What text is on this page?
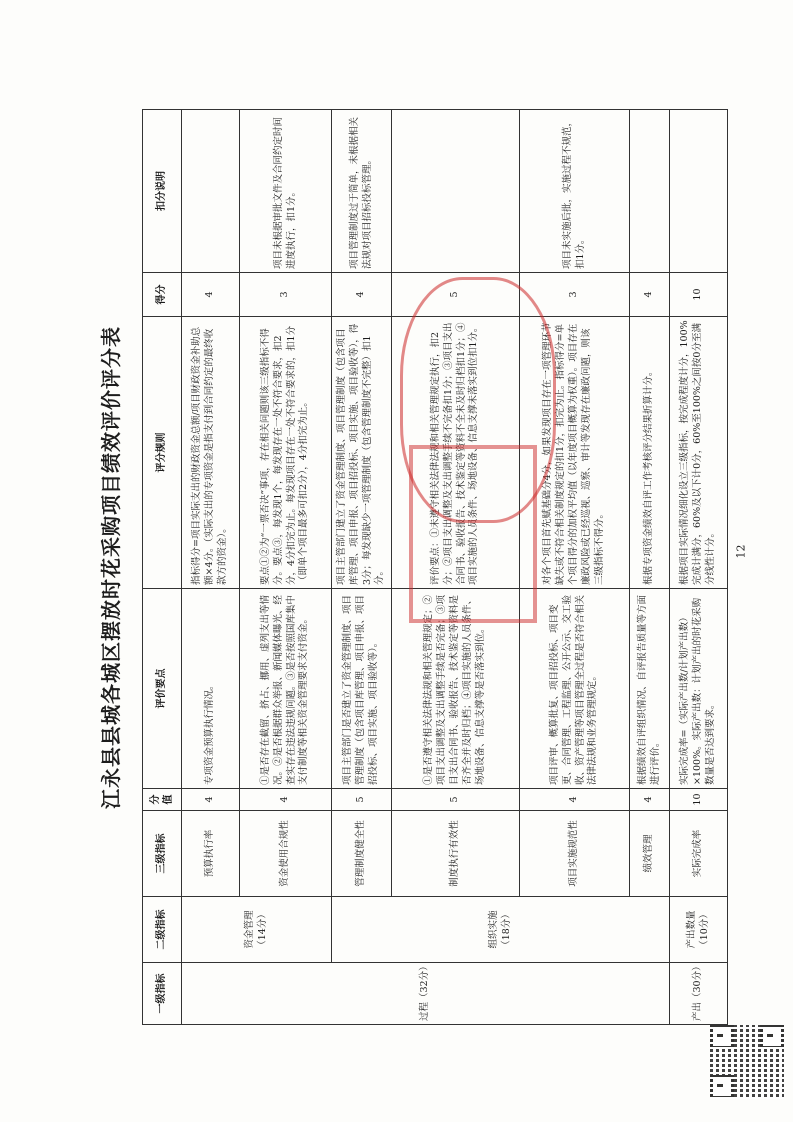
江永县县城各城区摆放时花采购项目绩效评价评分表
一级指标	二级指标	三级指标	分值	评价要点	评分规则	得分	扣分说明
过程（32分）	资金管理（14分）	预算执行率	4	专项资金预算执行情况。	指标得分=项目实际支出的财政资金总额/项目财政资金补助总额×4分。（实际支出的专项资金是指支付到合同约定的最终收款方的资金）。	4	
		资金使用合规性	4	①是否存在截留、挤占、挪用、虚列支出等情况。②是否根据群众举报、新闻媒体曝光、经查实存在违法违规问题。③是否按照国库集中支付制度等相关资金管理要求支付资金。	要点①②为“一票否决”事项，存在相关问题则该三级指标不得分。要点③，每发现1个，每发现存在一处不符合要求，扣2分，4分扣完为止。每发现项目存在一处不符合要求的，扣1分（即单个项目最多可扣2分），4分扣完为止。	3	项目未根据审批文件及合同约定时间进度执行，扣1分。
	组织实施（18分）	管理制度健全性	5	项目主管部门是否建立了资金管理制度、项目管理制度（包含项目库管理、项目申报、项目招投标、项目实施、项目验收等）。	项目主管部门建立了资金管理制度、项目管理制度（包含项目库管理、项目申报、项目招投标、项目实施、项目验收等），得3分；每发现缺少一项管理制度（包含管理制度不完整）扣1分。	4	项目管理制度过于简单，未根据相关法规对项目招标投标管理。
		制度执行有效性	5	①是否遵守相关法律法规和相关管理规定；②项目支出调整及支出调整手续是否完备；③项目支出合同书、验收报告、技术鉴定等资料是否齐全并及时归档；④项目实施的人员条件、场地设备、信息支撑等是否落实到位。	评价要点：①未遵守相关法律法规和相关管理规定执行，扣2分；②项目支出调整及支出调整手续不完备扣1分；③项目支出合同书、验收报告、技术鉴定等资料不全未及时归档扣1分；④项目实施的人员条件、场地设备、信息支撑未落实到位扣1分。	5	
		项目实施规范性	4	项目评审、概算批复、项目招投标、项目变更、合同管理、工程监理、公开公示、交工验收、资产管理等项目管理全过程是否符合相关法律法规和业务管理规定。	对各个项目首先赋基础分4分，如果发现项目存在一项管理环节缺失或不符合相关制度规定的扣1分，扣完为止。指标得分=单个项目得分的加权平均值（以年度项目概算为权重）。项目存在廉政风险或已经巡视、巡察、审计等发现存在廉政问题，则该三级指标不得分。	3	项目未实施后批，实施过程不规范，扣1分。
		绩效管理	4	根据绩效自评组织情况、自评报告质量等方面进行评价。	根据专项资金绩效自评工作考核评分结果折算计分。	4	
产出（30分）	产出数量（10分）	实际完成率	10	实际完成率=（实际产出数/计划产出数）×100%。实际产出数：计划产出的时花采购数量是否达到要求。	根据项目实际情况细化设立三级指标，按完成程度计分，100%完成计满分，60%及以下计0分，60%至100%之间按0分至满分线性计分。	10	
12
